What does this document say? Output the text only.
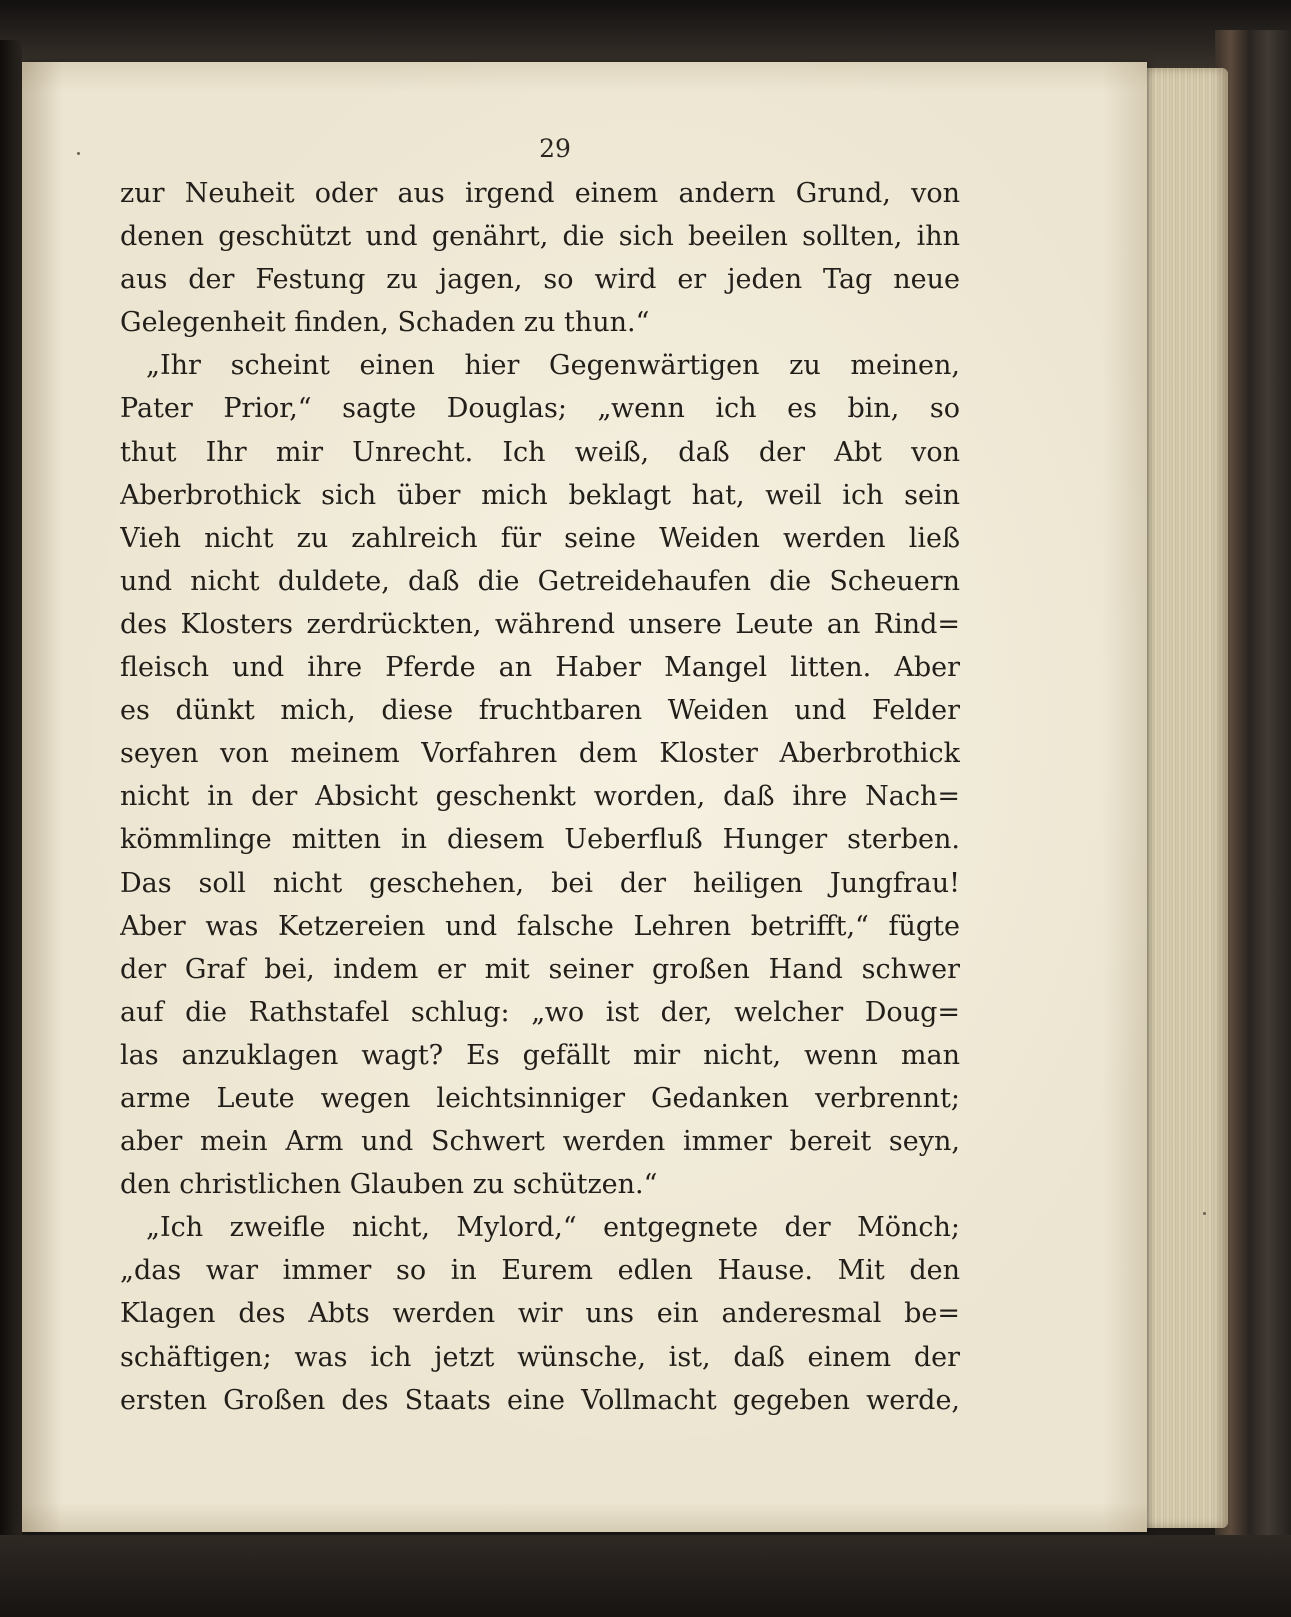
29
zur Neuheit oder aus irgend einem andern Grund, von
denen geschützt und genährt, die sich beeilen sollten, ihn
aus der Festung zu jagen, so wird er jeden Tag neue
Gelegenheit finden, Schaden zu thun.“
„Ihr scheint einen hier Gegenwärtigen zu meinen,
Pater Prior,“ sagte Douglas; „wenn ich es bin, so
thut Ihr mir Unrecht. Ich weiß, daß der Abt von
Aberbrothick sich über mich beklagt hat, weil ich sein
Vieh nicht zu zahlreich für seine Weiden werden ließ
und nicht duldete, daß die Getreidehaufen die Scheuern
des Klosters zerdrückten, während unsere Leute an Rind=
fleisch und ihre Pferde an Haber Mangel litten. Aber
es dünkt mich, diese fruchtbaren Weiden und Felder
seyen von meinem Vorfahren dem Kloster Aberbrothick
nicht in der Absicht geschenkt worden, daß ihre Nach=
kömmlinge mitten in diesem Ueberfluß Hunger sterben.
Das soll nicht geschehen, bei der heiligen Jungfrau!
Aber was Ketzereien und falsche Lehren betrifft,“ fügte
der Graf bei, indem er mit seiner großen Hand schwer
auf die Rathstafel schlug: „wo ist der, welcher Doug=
las anzuklagen wagt? Es gefällt mir nicht, wenn man
arme Leute wegen leichtsinniger Gedanken verbrennt;
aber mein Arm und Schwert werden immer bereit seyn,
den christlichen Glauben zu schützen.“
„Ich zweifle nicht, Mylord,“ entgegnete der Mönch;
„das war immer so in Eurem edlen Hause. Mit den
Klagen des Abts werden wir uns ein anderesmal be=
schäftigen; was ich jetzt wünsche, ist, daß einem der
ersten Großen des Staats eine Vollmacht gegeben werde,
